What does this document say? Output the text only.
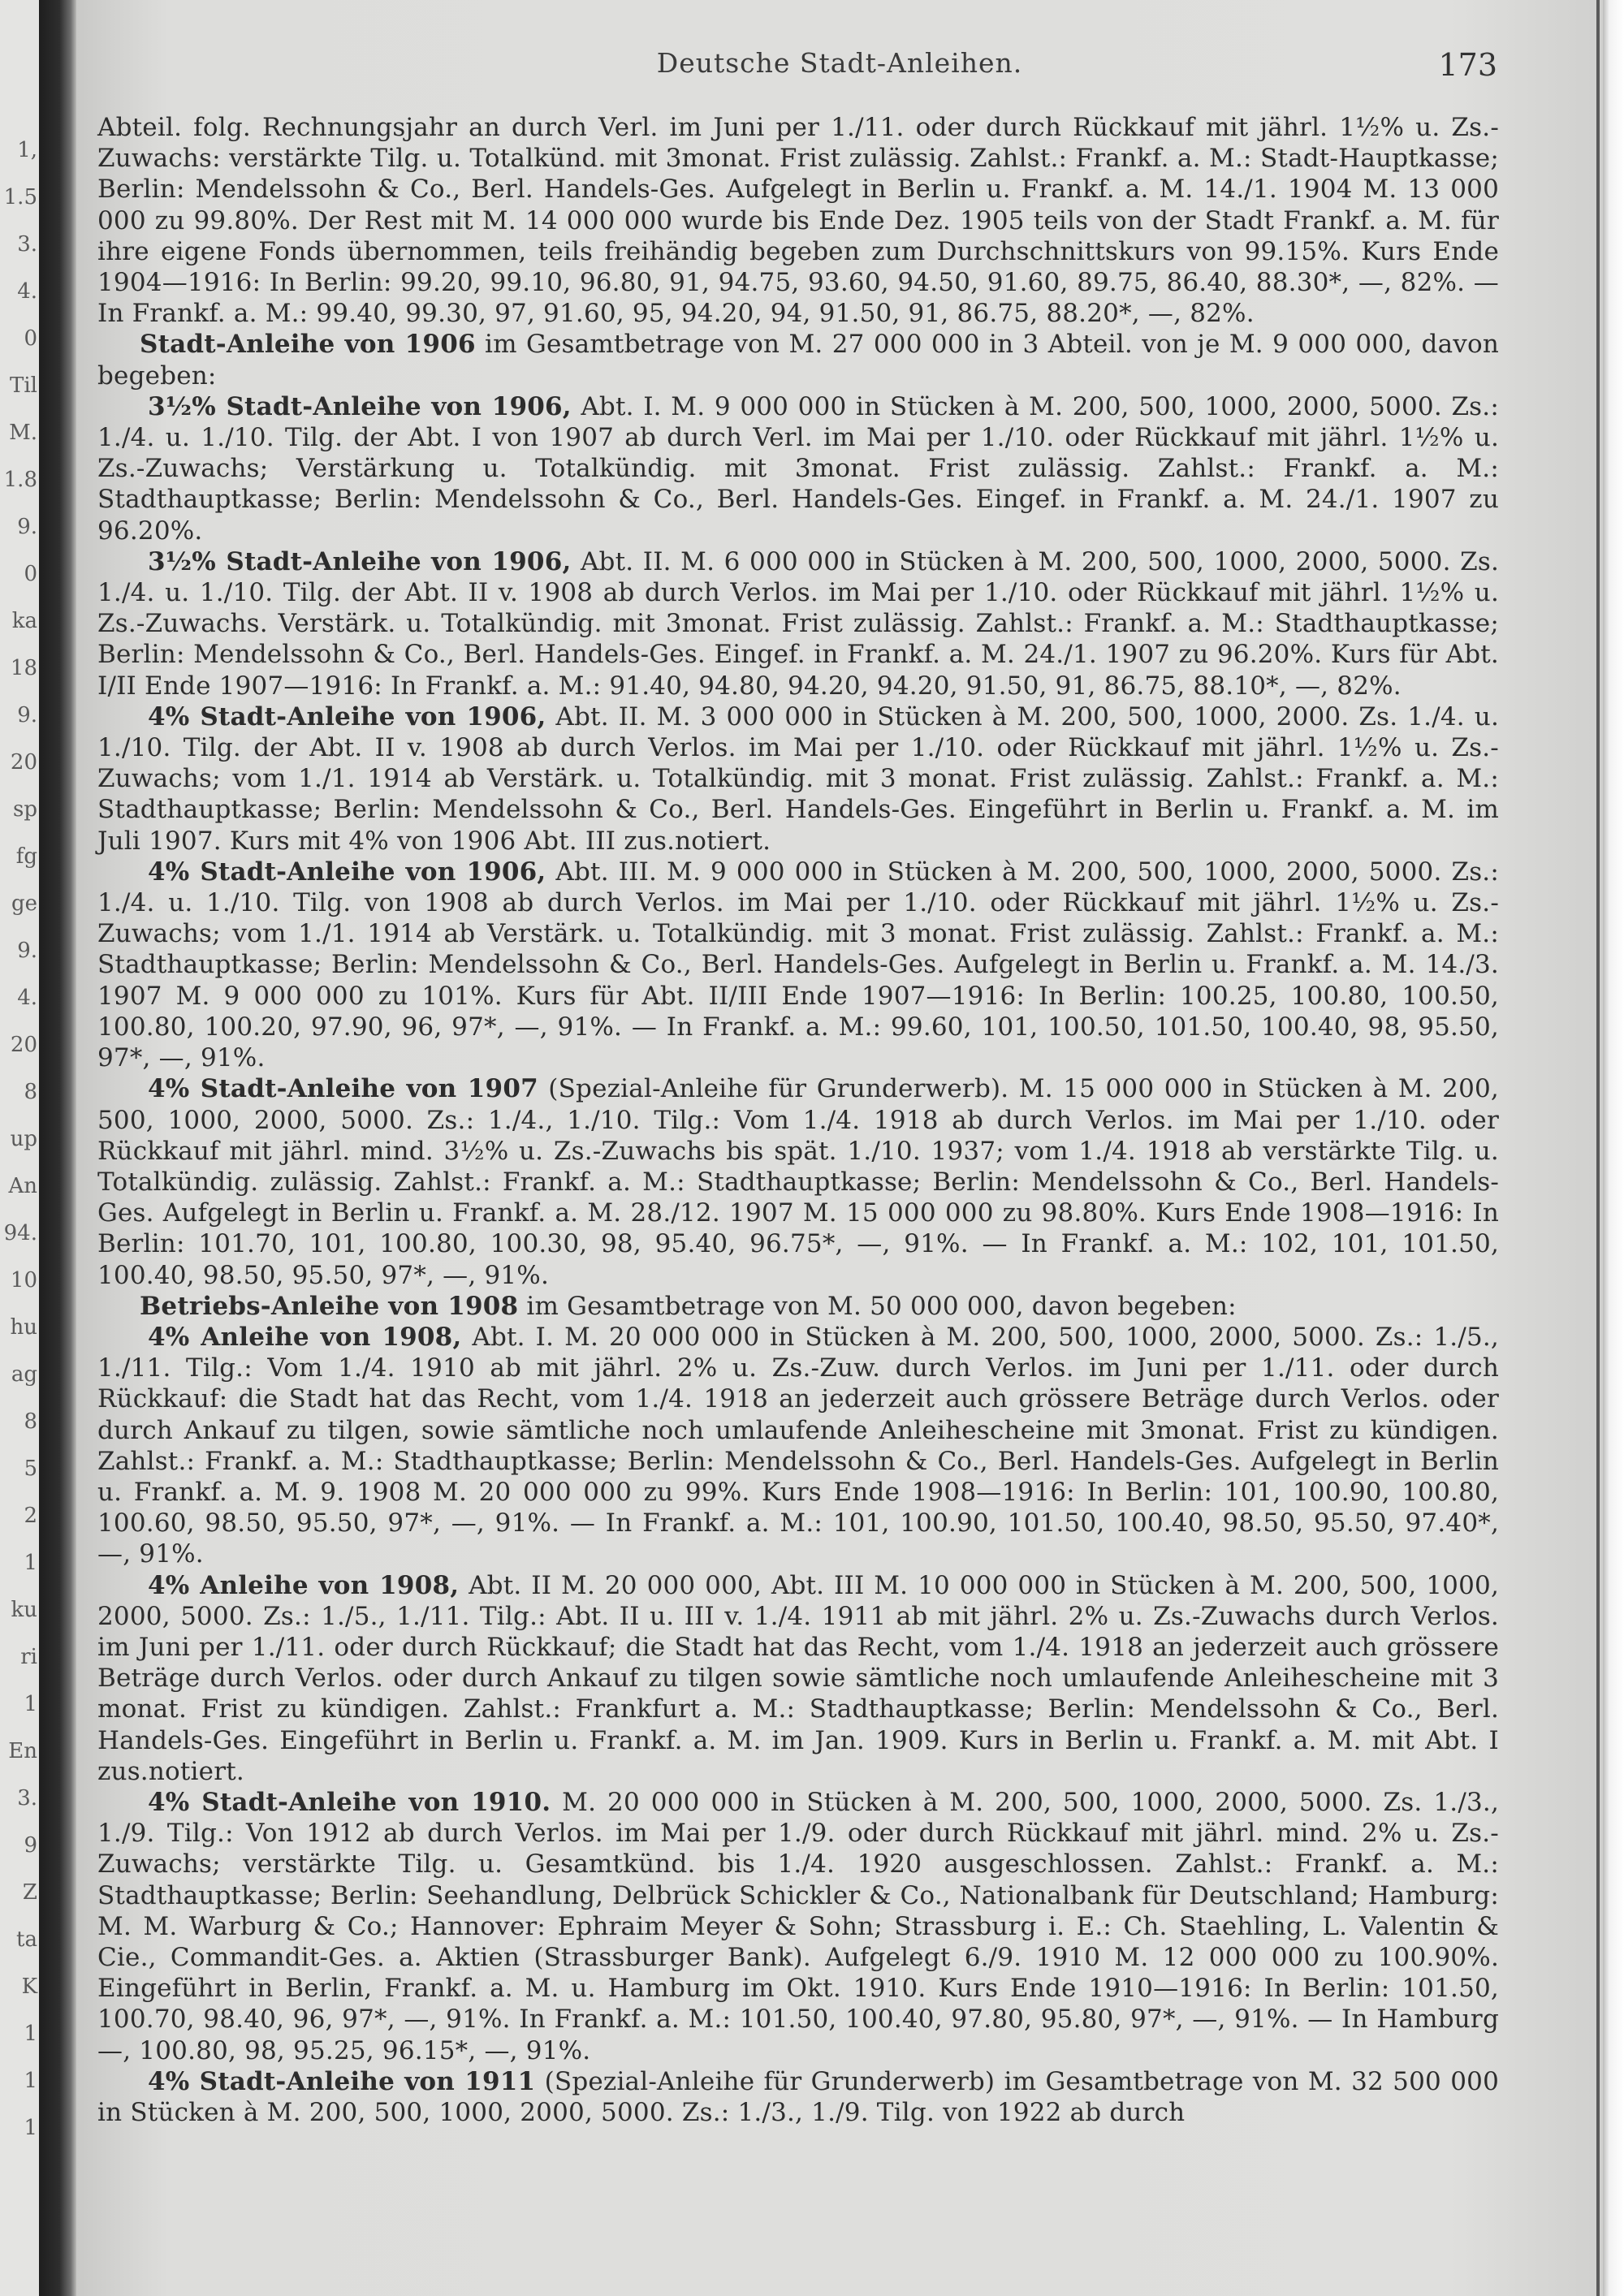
1,
1.5
3.
4.
0
Til
M.
1.8
9.
0
ka
18
9.
20
sp
fg
ge
9.
4.
20
8
up
An
94.
10
hu
ag
8
5
2
1
ku
ri
1
En
3.
9
Z
ta
K
1
1
1
Deutsche Stadt-Anleihen.	173

Abteil. folg. Rechnungsjahr an durch Verl. im Juni per 1./11. oder durch Rückkauf mit jährl. 1½% u. Zs.-Zuwachs: verstärkte Tilg. u. Totalkünd. mit 3monat. Frist zulässig. Zahlst.: Frankf. a. M.: Stadt-Hauptkasse; Berlin: Mendelssohn & Co., Berl. Handels-Ges. Aufgelegt in Berlin u. Frankf. a. M. 14./1. 1904 M. 13 000 000 zu 99.80%. Der Rest mit M. 14 000 000 wurde bis Ende Dez. 1905 teils von der Stadt Frankf. a. M. für ihre eigene Fonds übernommen, teils freihändig begeben zum Durchschnittskurs von 99.15%. Kurs Ende 1904—1916: In Berlin: 99.20, 99.10, 96.80, 91, 94.75, 93.60, 94.50, 91.60, 89.75, 86.40, 88.30*, —, 82%. — In Frankf. a. M.: 99.40, 99.30, 97, 91.60, 95, 94.20, 94, 91.50, 91, 86.75, 88.20*, —, 82%.

Stadt-Anleihe von 1906 im Gesamtbetrage von M. 27 000 000 in 3 Abteil. von je M. 9 000 000, davon begeben:

3½% Stadt-Anleihe von 1906, Abt. I. M. 9 000 000 in Stücken à M. 200, 500, 1000, 2000, 5000. Zs.: 1./4. u. 1./10. Tilg. der Abt. I von 1907 ab durch Verl. im Mai per 1./10. oder Rückkauf mit jährl. 1½% u. Zs.-Zuwachs; Verstärkung u. Totalkündig. mit 3monat. Frist zulässig. Zahlst.: Frankf. a. M.: Stadthauptkasse; Berlin: Mendelssohn & Co., Berl. Handels-Ges. Eingef. in Frankf. a. M. 24./1. 1907 zu 96.20%.

3½% Stadt-Anleihe von 1906, Abt. II. M. 6 000 000 in Stücken à M. 200, 500, 1000, 2000, 5000. Zs. 1./4. u. 1./10. Tilg. der Abt. II v. 1908 ab durch Verlos. im Mai per 1./10. oder Rückkauf mit jährl. 1½% u. Zs.-Zuwachs. Verstärk. u. Totalkündig. mit 3monat. Frist zulässig. Zahlst.: Frankf. a. M.: Stadthauptkasse; Berlin: Mendelssohn & Co., Berl. Handels-Ges. Eingef. in Frankf. a. M. 24./1. 1907 zu 96.20%. Kurs für Abt. I/II Ende 1907—1916: In Frankf. a. M.: 91.40, 94.80, 94.20, 94.20, 91.50, 91, 86.75, 88.10*, —, 82%.

4% Stadt-Anleihe von 1906, Abt. II. M. 3 000 000 in Stücken à M. 200, 500, 1000, 2000. Zs. 1./4. u. 1./10. Tilg. der Abt. II v. 1908 ab durch Verlos. im Mai per 1./10. oder Rückkauf mit jährl. 1½% u. Zs.-Zuwachs; vom 1./1. 1914 ab Verstärk. u. Totalkündig. mit 3 monat. Frist zulässig. Zahlst.: Frankf. a. M.: Stadthauptkasse; Berlin: Mendelssohn & Co., Berl. Handels-Ges. Eingeführt in Berlin u. Frankf. a. M. im Juli 1907. Kurs mit 4% von 1906 Abt. III zus.notiert.

4% Stadt-Anleihe von 1906, Abt. III. M. 9 000 000 in Stücken à M. 200, 500, 1000, 2000, 5000. Zs.: 1./4. u. 1./10. Tilg. von 1908 ab durch Verlos. im Mai per 1./10. oder Rückkauf mit jährl. 1½% u. Zs.-Zuwachs; vom 1./1. 1914 ab Verstärk. u. Totalkündig. mit 3 monat. Frist zulässig. Zahlst.: Frankf. a. M.: Stadthauptkasse; Berlin: Mendelssohn & Co., Berl. Handels-Ges. Aufgelegt in Berlin u. Frankf. a. M. 14./3. 1907 M. 9 000 000 zu 101%. Kurs für Abt. II/III Ende 1907—1916: In Berlin: 100.25, 100.80, 100.50, 100.80, 100.20, 97.90, 96, 97*, —, 91%. — In Frankf. a. M.: 99.60, 101, 100.50, 101.50, 100.40, 98, 95.50, 97*, —, 91%.

4% Stadt-Anleihe von 1907 (Spezial-Anleihe für Grunderwerb). M. 15 000 000 in Stücken à M. 200, 500, 1000, 2000, 5000. Zs.: 1./4., 1./10. Tilg.: Vom 1./4. 1918 ab durch Verlos. im Mai per 1./10. oder Rückkauf mit jährl. mind. 3½% u. Zs.-Zuwachs bis spät. 1./10. 1937; vom 1./4. 1918 ab verstärkte Tilg. u. Totalkündig. zulässig. Zahlst.: Frankf. a. M.: Stadthauptkasse; Berlin: Mendelssohn & Co., Berl. Handels-Ges. Aufgelegt in Berlin u. Frankf. a. M. 28./12. 1907 M. 15 000 000 zu 98.80%. Kurs Ende 1908—1916: In Berlin: 101.70, 101, 100.80, 100.30, 98, 95.40, 96.75*, —, 91%. — In Frankf. a. M.: 102, 101, 101.50, 100.40, 98.50, 95.50, 97*, —, 91%.

Betriebs-Anleihe von 1908 im Gesamtbetrage von M. 50 000 000, davon begeben:

4% Anleihe von 1908, Abt. I. M. 20 000 000 in Stücken à M. 200, 500, 1000, 2000, 5000. Zs.: 1./5., 1./11. Tilg.: Vom 1./4. 1910 ab mit jährl. 2% u. Zs.-Zuw. durch Verlos. im Juni per 1./11. oder durch Rückkauf: die Stadt hat das Recht, vom 1./4. 1918 an jederzeit auch grössere Beträge durch Verlos. oder durch Ankauf zu tilgen, sowie sämtliche noch umlaufende Anleihescheine mit 3monat. Frist zu kündigen. Zahlst.: Frankf. a. M.: Stadthauptkasse; Berlin: Mendelssohn & Co., Berl. Handels-Ges. Aufgelegt in Berlin u. Frankf. a. M. 9. 1908 M. 20 000 000 zu 99%. Kurs Ende 1908—1916: In Berlin: 101, 100.90, 100.80, 100.60, 98.50, 95.50, 97*, —, 91%. — In Frankf. a. M.: 101, 100.90, 101.50, 100.40, 98.50, 95.50, 97.40*, —, 91%.

4% Anleihe von 1908, Abt. II M. 20 000 000, Abt. III M. 10 000 000 in Stücken à M. 200, 500, 1000, 2000, 5000. Zs.: 1./5., 1./11. Tilg.: Abt. II u. III v. 1./4. 1911 ab mit jährl. 2% u. Zs.-Zuwachs durch Verlos. im Juni per 1./11. oder durch Rückkauf; die Stadt hat das Recht, vom 1./4. 1918 an jederzeit auch grössere Beträge durch Verlos. oder durch Ankauf zu tilgen sowie sämtliche noch umlaufende Anleihescheine mit 3 monat. Frist zu kündigen. Zahlst.: Frankfurt a. M.: Stadthauptkasse; Berlin: Mendelssohn & Co., Berl. Handels-Ges. Eingeführt in Berlin u. Frankf. a. M. im Jan. 1909. Kurs in Berlin u. Frankf. a. M. mit Abt. I zus.notiert.

4% Stadt-Anleihe von 1910. M. 20 000 000 in Stücken à M. 200, 500, 1000, 2000, 5000. Zs. 1./3., 1./9. Tilg.: Von 1912 ab durch Verlos. im Mai per 1./9. oder durch Rückkauf mit jährl. mind. 2% u. Zs.-Zuwachs; verstärkte Tilg. u. Gesamtkünd. bis 1./4. 1920 ausgeschlossen. Zahlst.: Frankf. a. M.: Stadthauptkasse; Berlin: Seehandlung, Delbrück Schickler & Co., Nationalbank für Deutschland; Hamburg: M. M. Warburg & Co.; Hannover: Ephraim Meyer & Sohn; Strassburg i. E.: Ch. Staehling, L. Valentin & Cie., Commandit-Ges. a. Aktien (Strassburger Bank). Aufgelegt 6./9. 1910 M. 12 000 000 zu 100.90%. Eingeführt in Berlin, Frankf. a. M. u. Hamburg im Okt. 1910. Kurs Ende 1910—1916: In Berlin: 101.50, 100.70, 98.40, 96, 97*, —, 91%. In Frankf. a. M.: 101.50, 100.40, 97.80, 95.80, 97*, —, 91%. — In Hamburg —, 100.80, 98, 95.25, 96.15*, —, 91%.

4% Stadt-Anleihe von 1911 (Spezial-Anleihe für Grunderwerb) im Gesamtbetrage von M. 32 500 000 in Stücken à M. 200, 500, 1000, 2000, 5000. Zs.: 1./3., 1./9. Tilg. von 1922 ab durch
